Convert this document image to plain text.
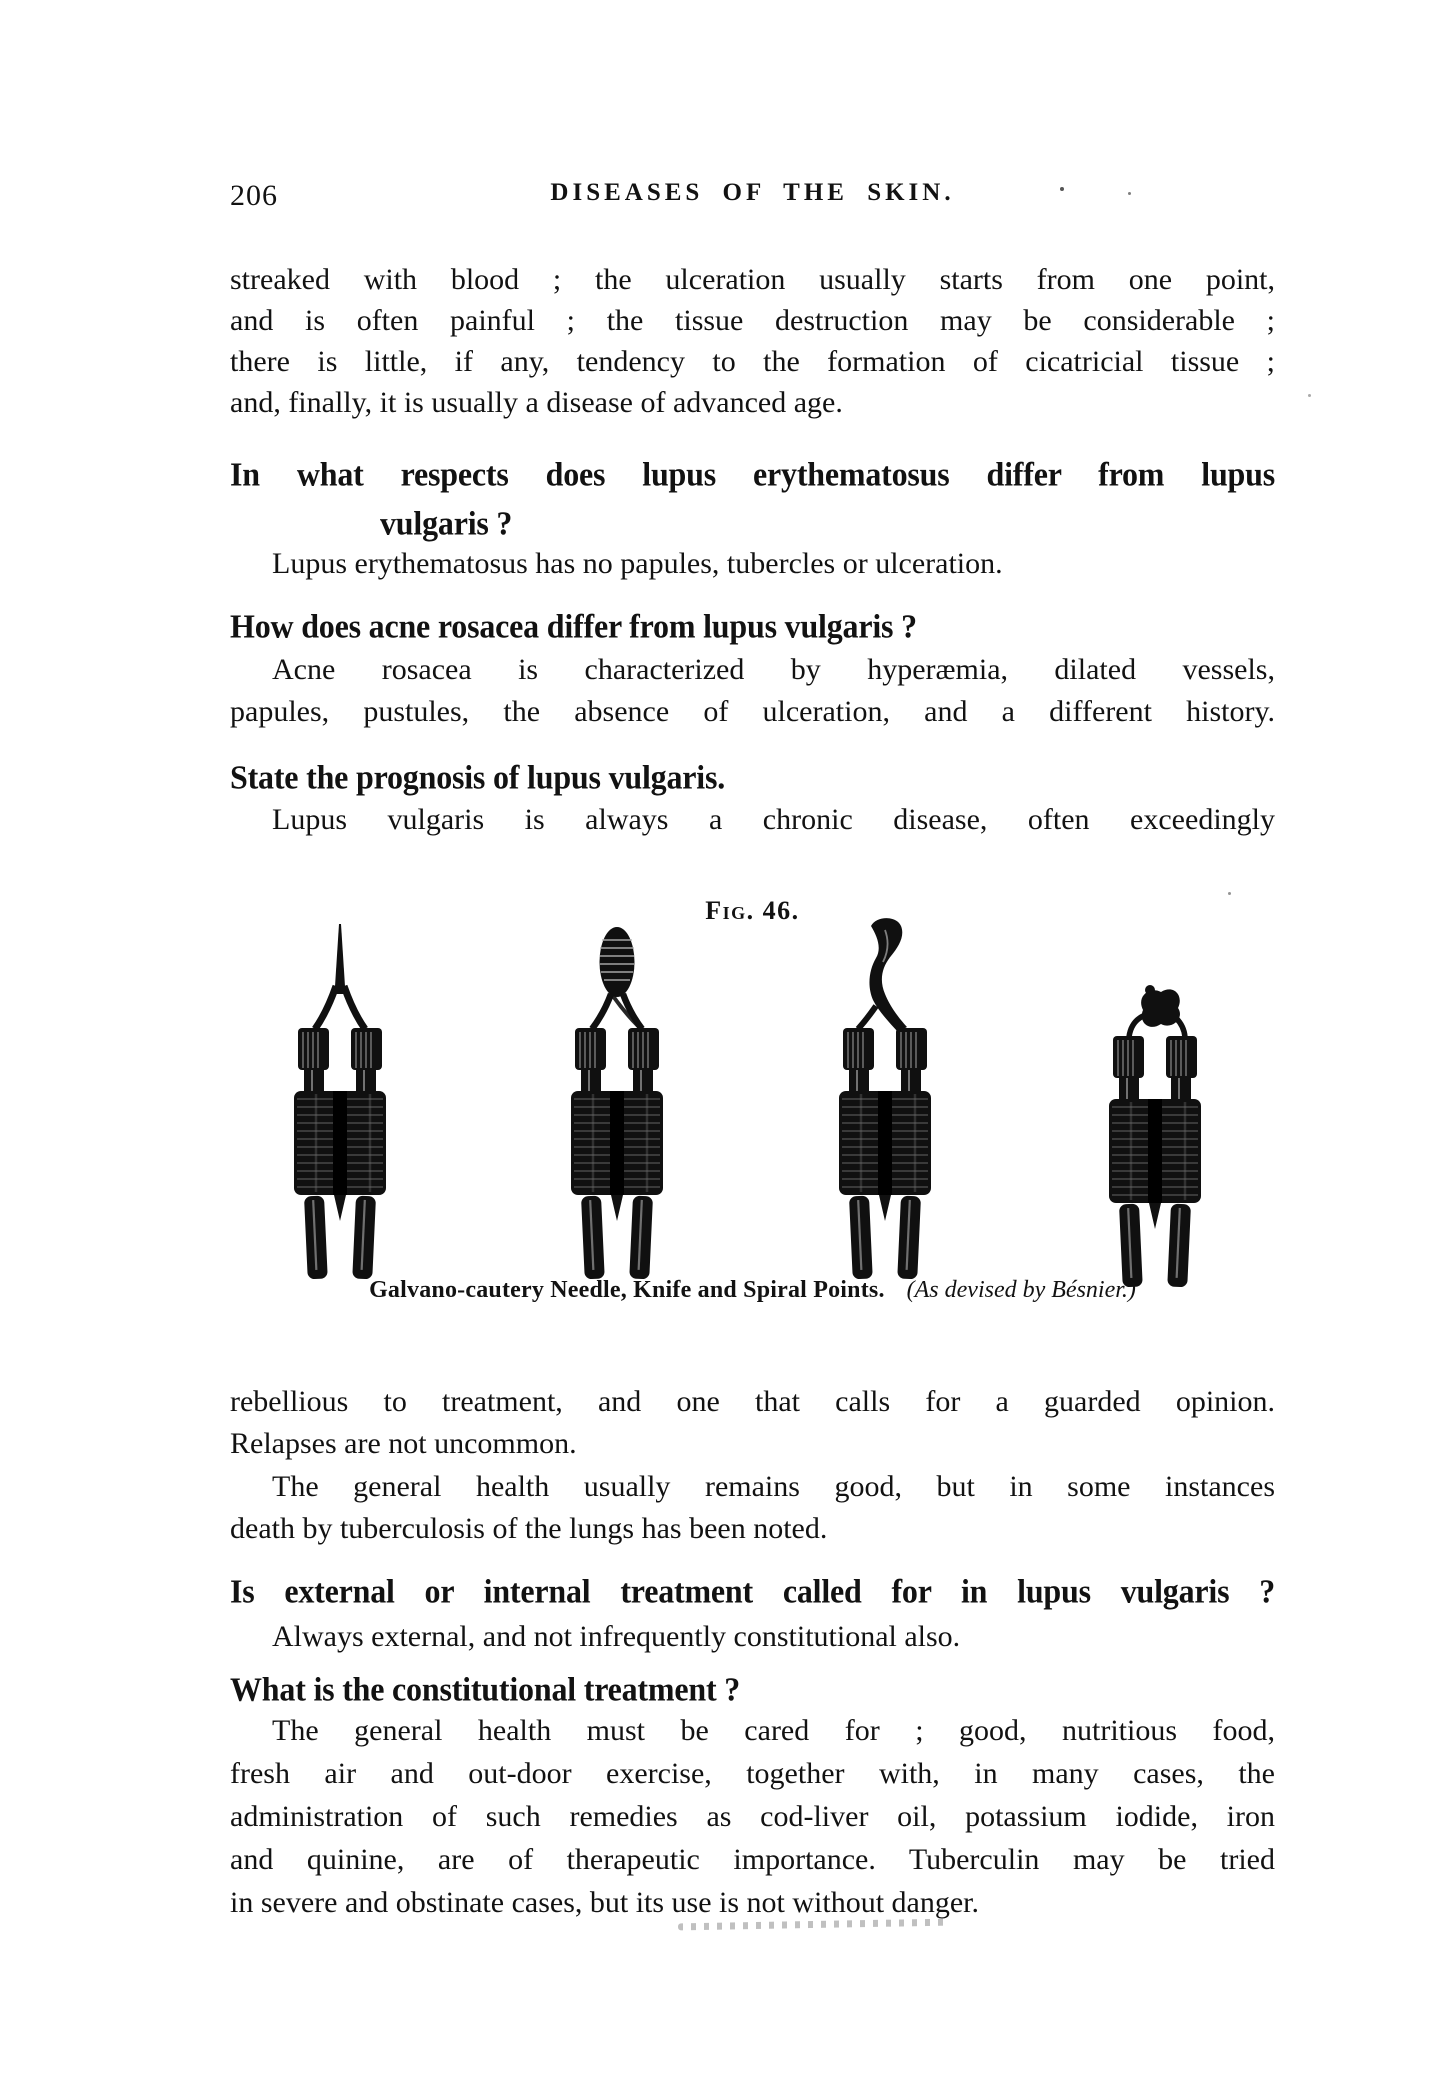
206	DISEASES OF THE SKIN.
streaked with blood ; the ulceration usually starts from one point,
and is often painful ; the tissue destruction may be considerable ;
there is little, if any, tendency to the formation of cicatricial tissue ;
and, finally, it is usually a disease of advanced age.
In what respects does lupus erythematosus differ from lupus
vulgaris ?
Lupus erythematosus has no papules, tubercles or ulceration.
How does acne rosacea differ from lupus vulgaris ?
Acne rosacea is characterized by hyperæmia, dilated vessels,
papules, pustules, the absence of ulceration, and a different history.
State the prognosis of lupus vulgaris.
Lupus vulgaris is always a chronic disease, often exceedingly
Fig. 46.
Galvano-cautery Needle, Knife and Spiral Points. (As devised by Bésnier.)
rebellious to treatment, and one that calls for a guarded opinion.
Relapses are not uncommon.
The general health usually remains good, but in some instances
death by tuberculosis of the lungs has been noted.
Is external or internal treatment called for in lupus vulgaris ?
Always external, and not infrequently constitutional also.
What is the constitutional treatment ?
The general health must be cared for ; good, nutritious food,
fresh air and out-door exercise, together with, in many cases, the
administration of such remedies as cod-liver oil, potassium iodide, iron
and quinine, are of therapeutic importance. Tuberculin may be tried
in severe and obstinate cases, but its use is not without danger.
